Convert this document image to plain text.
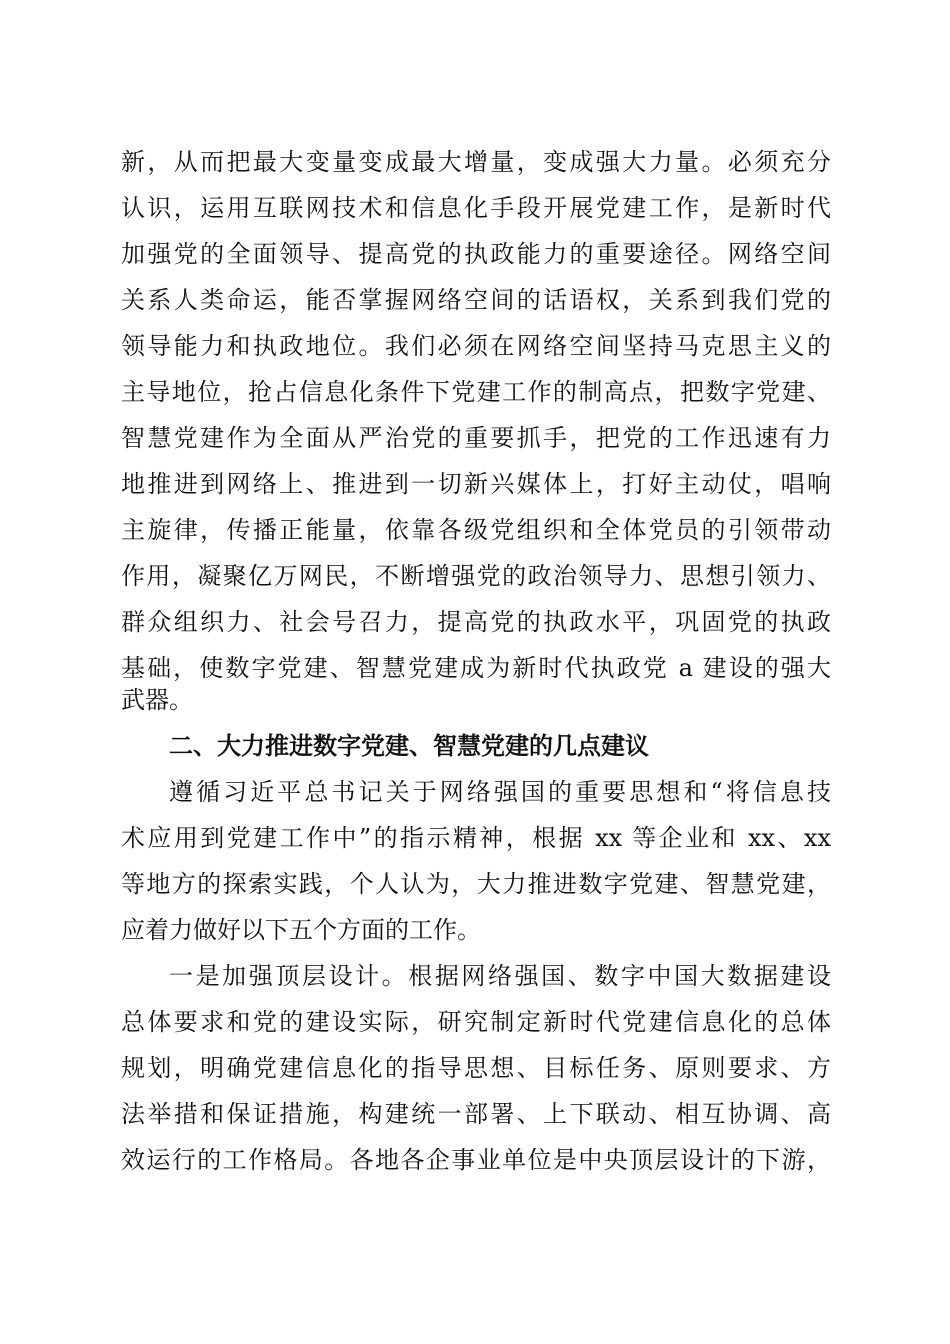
新，从而把最大变量变成最大增量，变成强大力量。必须充分
认识，运用互联网技术和信息化手段开展党建工作，是新时代
加强党的全面领导、提高党的执政能力的重要途径。网络空间
关系人类命运，能否掌握网络空间的话语权，关系到我们党的
领导能力和执政地位。我们必须在网络空间坚持马克思主义的
主导地位，抢占信息化条件下党建工作的制高点，把数字党建、
智慧党建作为全面从严治党的重要抓手，把党的工作迅速有力
地推进到网络上、推进到一切新兴媒体上，打好主动仗，唱响
主旋律，传播正能量，依靠各级党组织和全体党员的引领带动
作用，凝聚亿万网民，不断增强党的政治领导力、思想引领力、
群众组织力、社会号召力，提高党的执政水平，巩固党的执政
基础，使数字党建、智慧党建成为新时代执政党 a 建设的强大
武器。
二、大力推进数字党建、智慧党建的几点建议
遵循习近平总书记关于网络强国的重要思想和“将信息技
术应用到党建工作中”的指示精神，根据 xx 等企业和 xx、xx
等地方的探索实践，个人认为，大力推进数字党建、智慧党建，
应着力做好以下五个方面的工作。
一是加强顶层设计。根据网络强国、数字中国大数据建设
总体要求和党的建设实际，研究制定新时代党建信息化的总体
规划，明确党建信息化的指导思想、目标任务、原则要求、方
法举措和保证措施，构建统一部署、上下联动、相互协调、高
效运行的工作格局。各地各企事业单位是中央顶层设计的下游，
